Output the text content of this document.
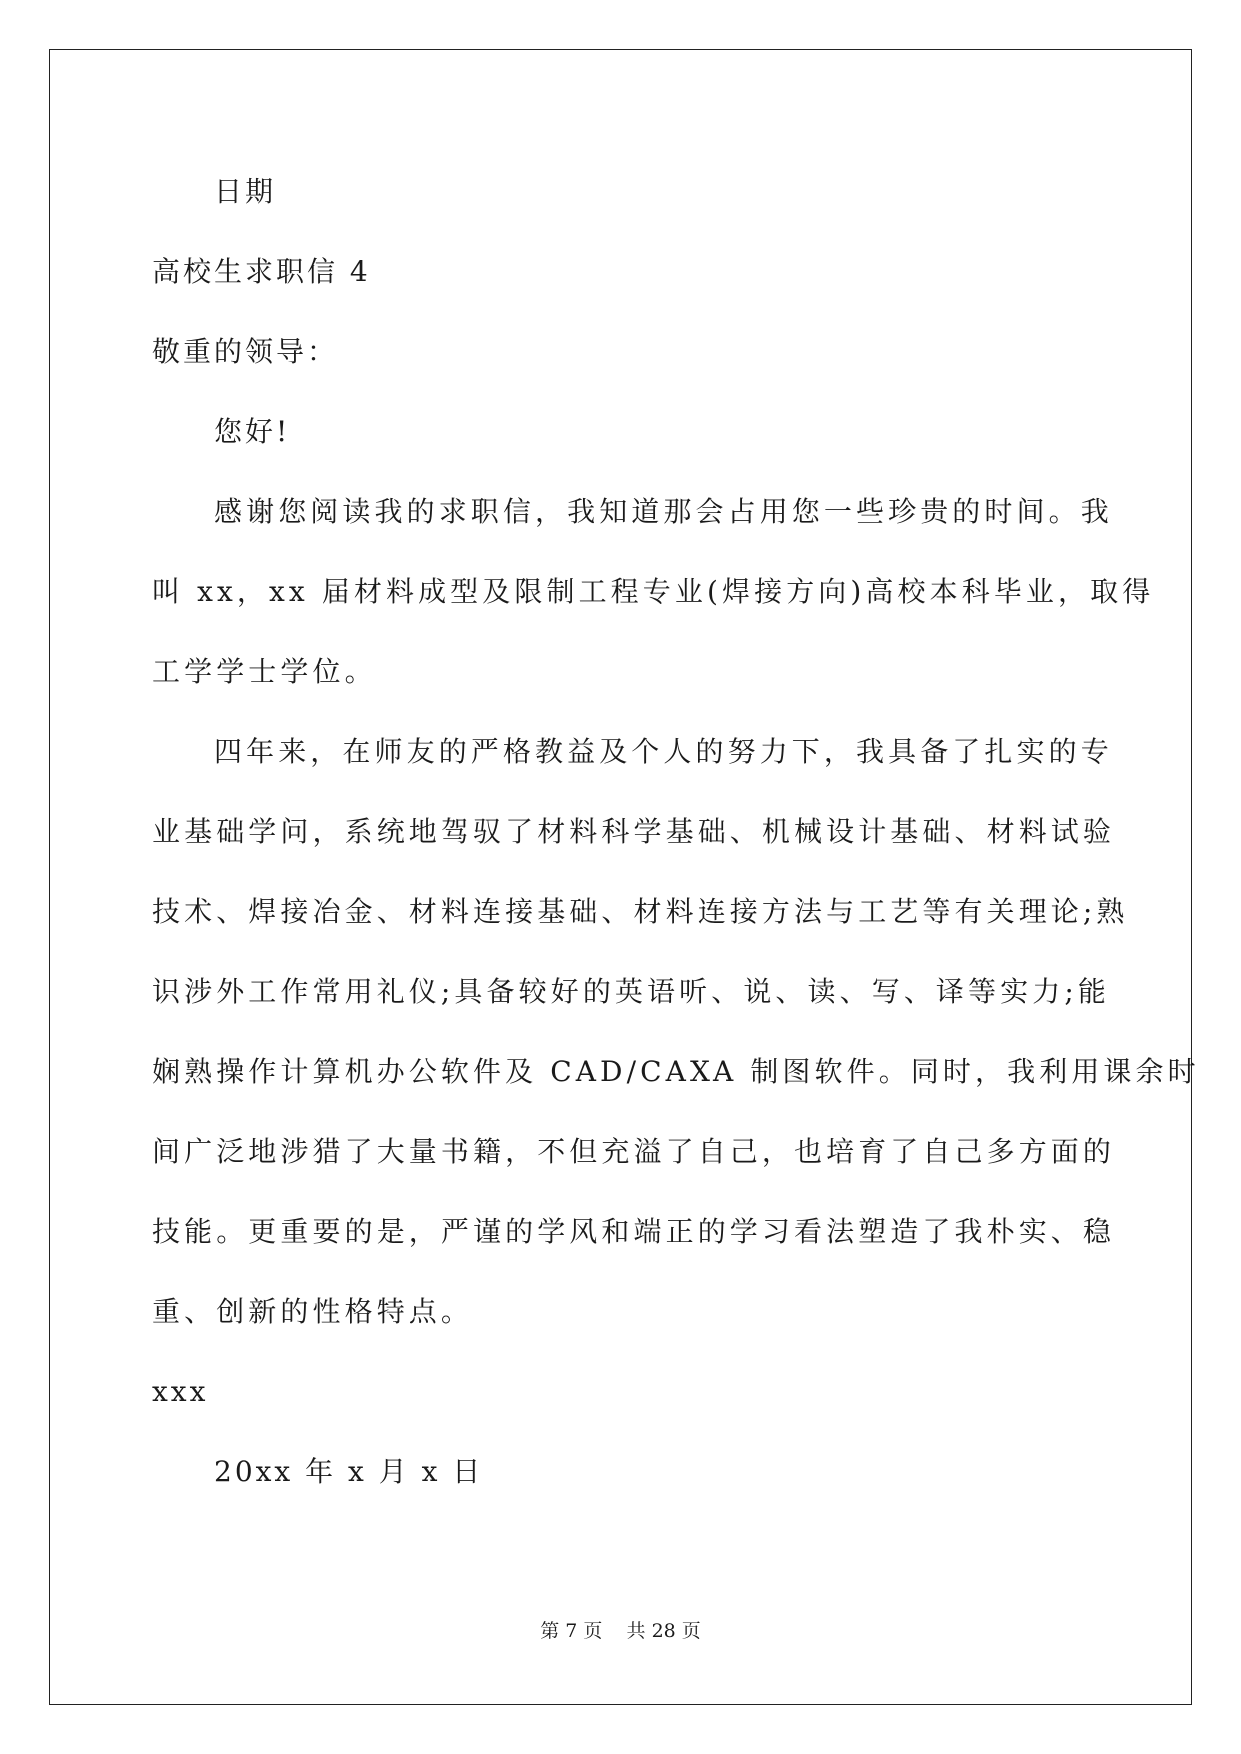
日期
高校生求职信 4
敬重的领导：
您好!
感谢您阅读我的求职信，我知道那会占用您一些珍贵的时间。我
叫 xx，xx 届材料成型及限制工程专业(焊接方向)高校本科毕业，取得
工学学士学位。
四年来，在师友的严格教益及个人的努力下，我具备了扎实的专
业基础学问，系统地驾驭了材料科学基础、机械设计基础、材料试验
技术、焊接冶金、材料连接基础、材料连接方法与工艺等有关理论;熟
识涉外工作常用礼仪;具备较好的英语听、说、读、写、译等实力;能
娴熟操作计算机办公软件及 CAD/CAXA 制图软件。同时，我利用课余时
间广泛地涉猎了大量书籍，不但充溢了自己，也培育了自己多方面的
技能。更重要的是，严谨的学风和端正的学习看法塑造了我朴实、稳
重、创新的性格特点。
xxx
20xx 年 x 月 x 日
第 7 页    共 28 页
